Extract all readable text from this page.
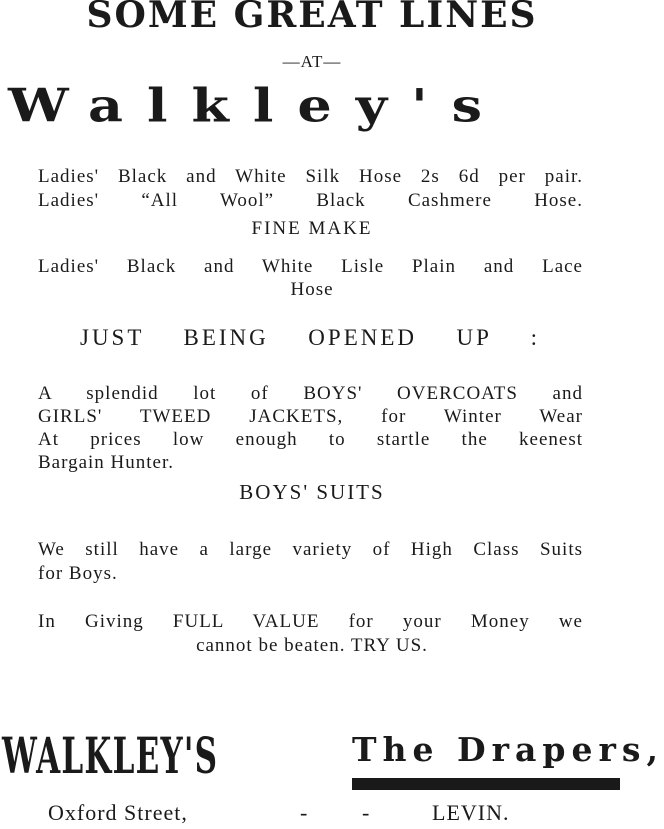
SOME GREAT LINES
—AT—
Walkley's
Ladies' Black and White Silk Hose 2s 6d per pair.
Ladies' “All Wool” Black Cashmere Hose.
FINE MAKE
Ladies' Black and White Lisle Plain and Lace
Hose
JUST BEING OPENED UP :
A splendid lot of BOYS' OVERCOATS and
GIRLS' TWEED JACKETS, for Winter Wear
At prices low enough to startle the keenest
Bargain Hunter.
BOYS' SUITS
We still have a large variety of High Class Suits
for Boys.
In Giving FULL VALUE for your Money we
cannot be beaten. TRY US.
WALKLEY'S	The Drapers,
Oxford Street,	- -	LEVIN.
